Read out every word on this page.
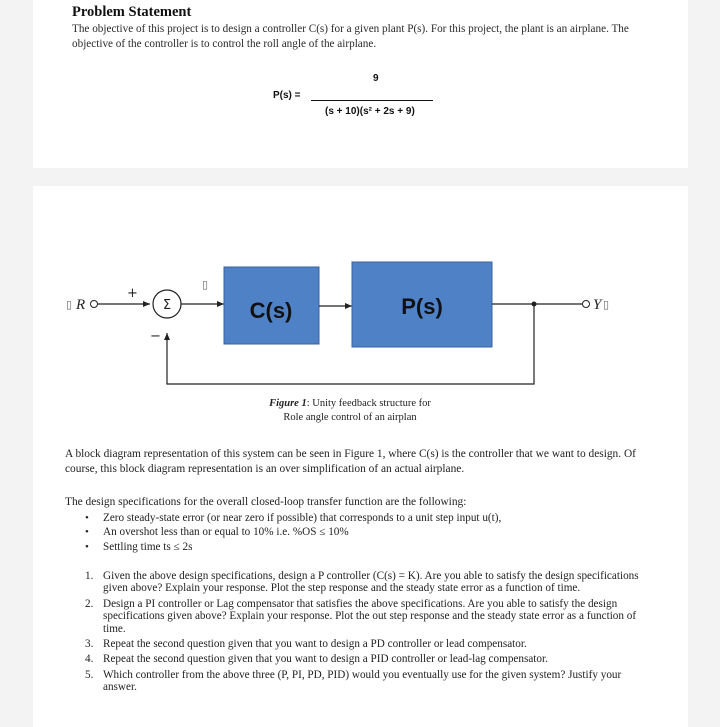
Problem Statement
The objective of this project is to design a controller C(s) for a given plant P(s). For this project, the plant is an airplane. The objective of the controller is to control the roll angle of the airplane.
9
P(s) =
(s + 10)(s² + 2s + 9)
▯ R
+
Σ
−
▯
C(s)	P(s)	Y ▯
Figure 1: Unity feedback structure for
Role angle control of an airplan
A block diagram representation of this system can be seen in Figure 1, where C(s) is the controller that we want to design. Of course, this block diagram representation is an over simplification of an actual airplane.
The design specifications for the overall closed-loop transfer function are the following:
• Zero steady-state error (or near zero if possible) that corresponds to a unit step input u(t),
• An overshot less than or equal to 10% i.e. %OS ≤ 10%
• Settling time ts ≤ 2s
1. Given the above design specifications, design a P controller (C(s) = K). Are you able to satisfy the design specifications given above? Explain your response. Plot the step response and the steady state error as a function of time.
2. Design a PI controller or Lag compensator that satisfies the above specifications. Are you able to satisfy the design specifications given above? Explain your response. Plot the out step response and the steady state error as a function of time.
3. Repeat the second question given that you want to design a PD controller or lead compensator.
4. Repeat the second question given that you want to design a PID controller or lead-lag compensator.
5. Which controller from the above three (P, PI, PD, PID) would you eventually use for the given system? Justify your answer.
